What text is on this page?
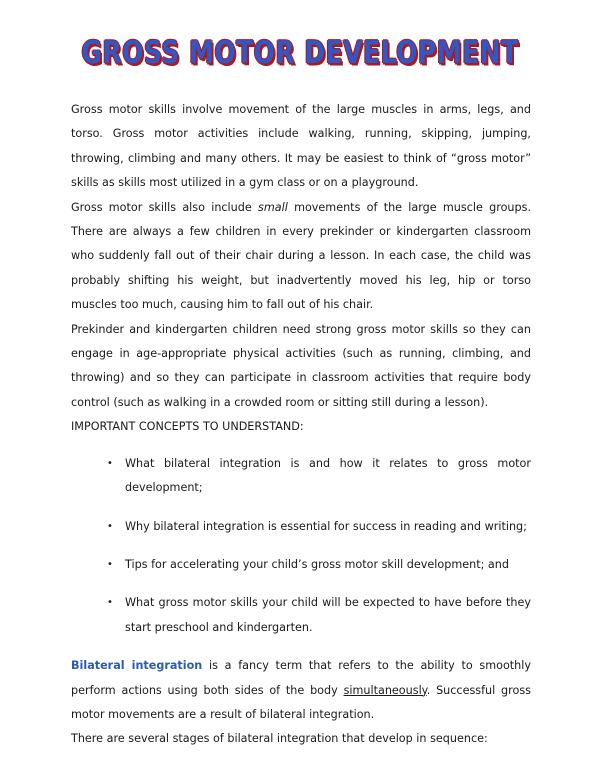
GROSS MOTOR DEVELOPMENT

Gross motor skills involve movement of the large muscles in arms, legs, and torso. Gross motor activities include walking, running, skipping, jumping, throwing, climbing and many others. It may be easiest to think of “gross motor” skills as skills most utilized in a gym class or on a playground.

Gross motor skills also include small movements of the large muscle groups. There are always a few children in every prekinder or kindergarten classroom who suddenly fall out of their chair during a lesson. In each case, the child was probably shifting his weight, but inadvertently moved his leg, hip or torso muscles too much, causing him to fall out of his chair.

Prekinder and kindergarten children need strong gross motor skills so they can engage in age-appropriate physical activities (such as running, climbing, and throwing) and so they can participate in classroom activities that require body control (such as walking in a crowded room or sitting still during a lesson).

IMPORTANT CONCEPTS TO UNDERSTAND:

• What bilateral integration is and how it relates to gross motor development;
• Why bilateral integration is essential for success in reading and writing;
• Tips for accelerating your child’s gross motor skill development; and
• What gross motor skills your child will be expected to have before they start preschool and kindergarten.

Bilateral integration is a fancy term that refers to the ability to smoothly perform actions using both sides of the body simultaneously. Successful gross motor movements are a result of bilateral integration.

There are several stages of bilateral integration that develop in sequence:
